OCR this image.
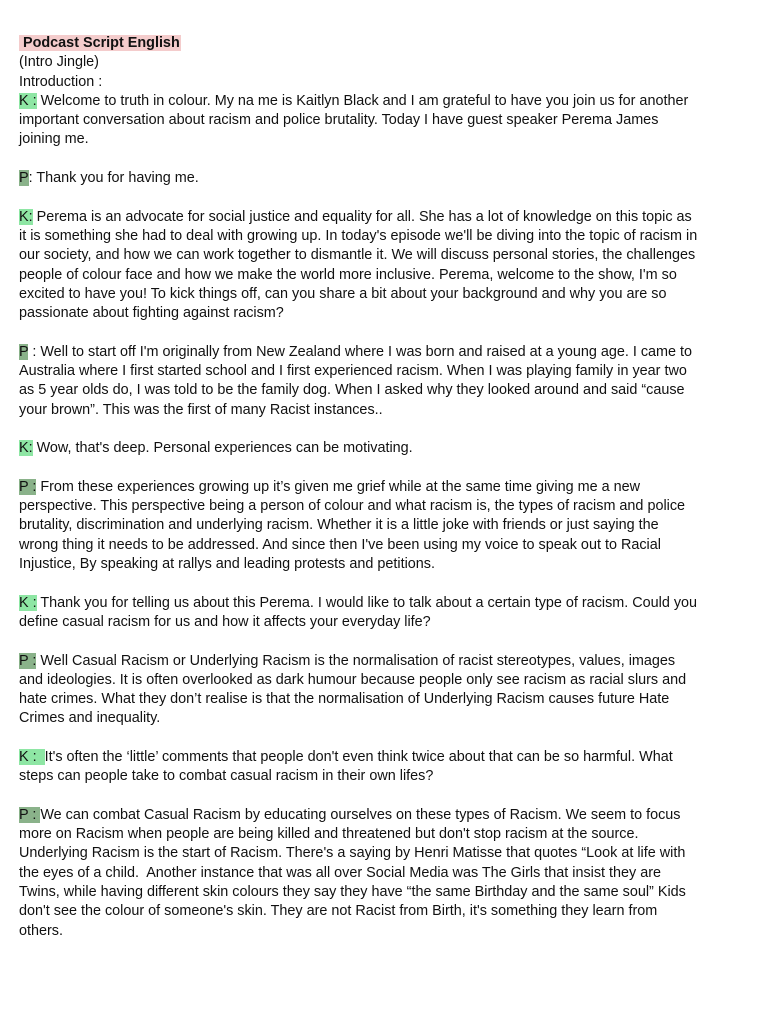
Podcast Script English
(Intro Jingle)
Introduction :
K : Welcome to truth in colour. My na me is Kaitlyn Black and I am grateful to have you join us for another
important conversation about racism and police brutality. Today I have guest speaker Perema James
joining me.
P: Thank you for having me.
K: Perema is an advocate for social justice and equality for all. She has a lot of knowledge on this topic as
it is something she had to deal with growing up. In today's episode we'll be diving into the topic of racism in
our society, and how we can work together to dismantle it. We will discuss personal stories, the challenges
people of colour face and how we make the world more inclusive. Perema, welcome to the show, I'm so
excited to have you! To kick things off, can you share a bit about your background and why you are so
passionate about fighting against racism?
P : Well to start off I'm originally from New Zealand where I was born and raised at a young age. I came to
Australia where I first started school and I first experienced racism. When I was playing family in year two
as 5 year olds do, I was told to be the family dog. When I asked why they looked around and said “cause
your brown”. This was the first of many Racist instances..
K: Wow, that's deep. Personal experiences can be motivating.
P : From these experiences growing up it’s given me grief while at the same time giving me a new
perspective. This perspective being a person of colour and what racism is, the types of racism and police
brutality, discrimination and underlying racism. Whether it is a little joke with friends or just saying the
wrong thing it needs to be addressed. And since then I've been using my voice to speak out to Racial
Injustice, By speaking at rallys and leading protests and petitions.
K : Thank you for telling us about this Perema. I would like to talk about a certain type of racism. Could you
define casual racism for us and how it affects your everyday life?
P : Well Casual Racism or Underlying Racism is the normalisation of racist stereotypes, values, images
and ideologies. It is often overlooked as dark humour because people only see racism as racial slurs and
hate crimes. What they don’t realise is that the normalisation of Underlying Racism causes future Hate
Crimes and inequality.
K :  It's often the ‘little’ comments that people don't even think twice about that can be so harmful. What
steps can people take to combat casual racism in their own lifes?
P : We can combat Casual Racism by educating ourselves on these types of Racism. We seem to focus
more on Racism when people are being killed and threatened but don't stop racism at the source.
Underlying Racism is the start of Racism. There's a saying by Henri Matisse that quotes “Look at life with
the eyes of a child.  Another instance that was all over Social Media was The Girls that insist they are
Twins, while having different skin colours they say they have “the same Birthday and the same soul” Kids
don't see the colour of someone's skin. They are not Racist from Birth, it's something they learn from
others.
